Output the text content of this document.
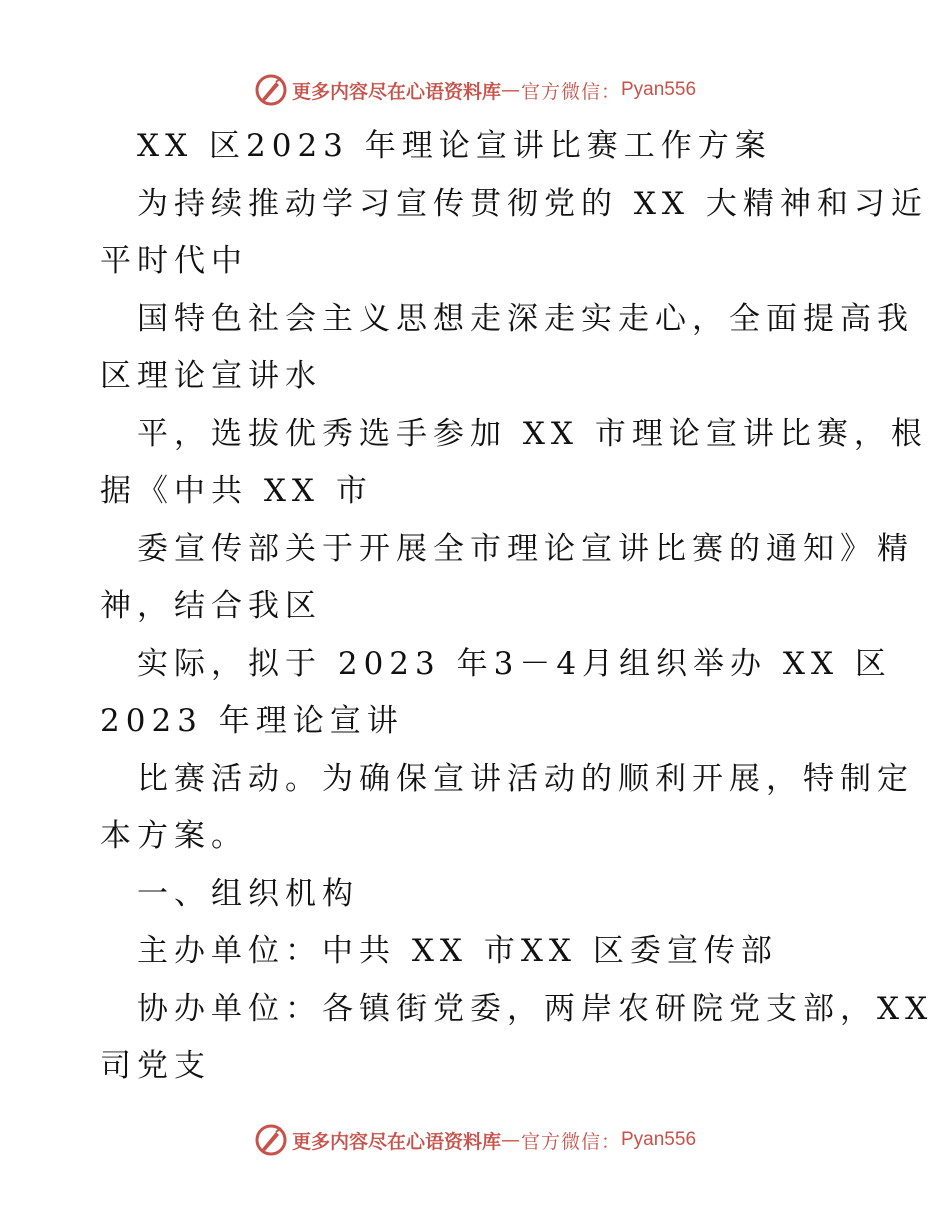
更多内容尽在心语资料库 — 官方微信： Pyan556
XX 区2023 年理论宣讲比赛工作方案
为持续推动学习宣传贯彻党的 XX 大精神和习近
平时代中
国特色社会主义思想走深走实走心，全面提高我
区理论宣讲水
平，选拔优秀选手参加 XX 市理论宣讲比赛，根
据《中共 XX 市
委宣传部关于开展全市理论宣讲比赛的通知》精
神，结合我区
实际，拟于 2023 年3－4月组织举办 XX 区
2023 年理论宣讲
比赛活动。为确保宣讲活动的顺利开展，特制定
本方案。
一、组织机构
主办单位：中共 XX 市XX 区委宣传部
协办单位：各镇街党委，两岸农研院党支部，XX
司党支
更多内容尽在心语资料库 — 官方微信： Pyan556
